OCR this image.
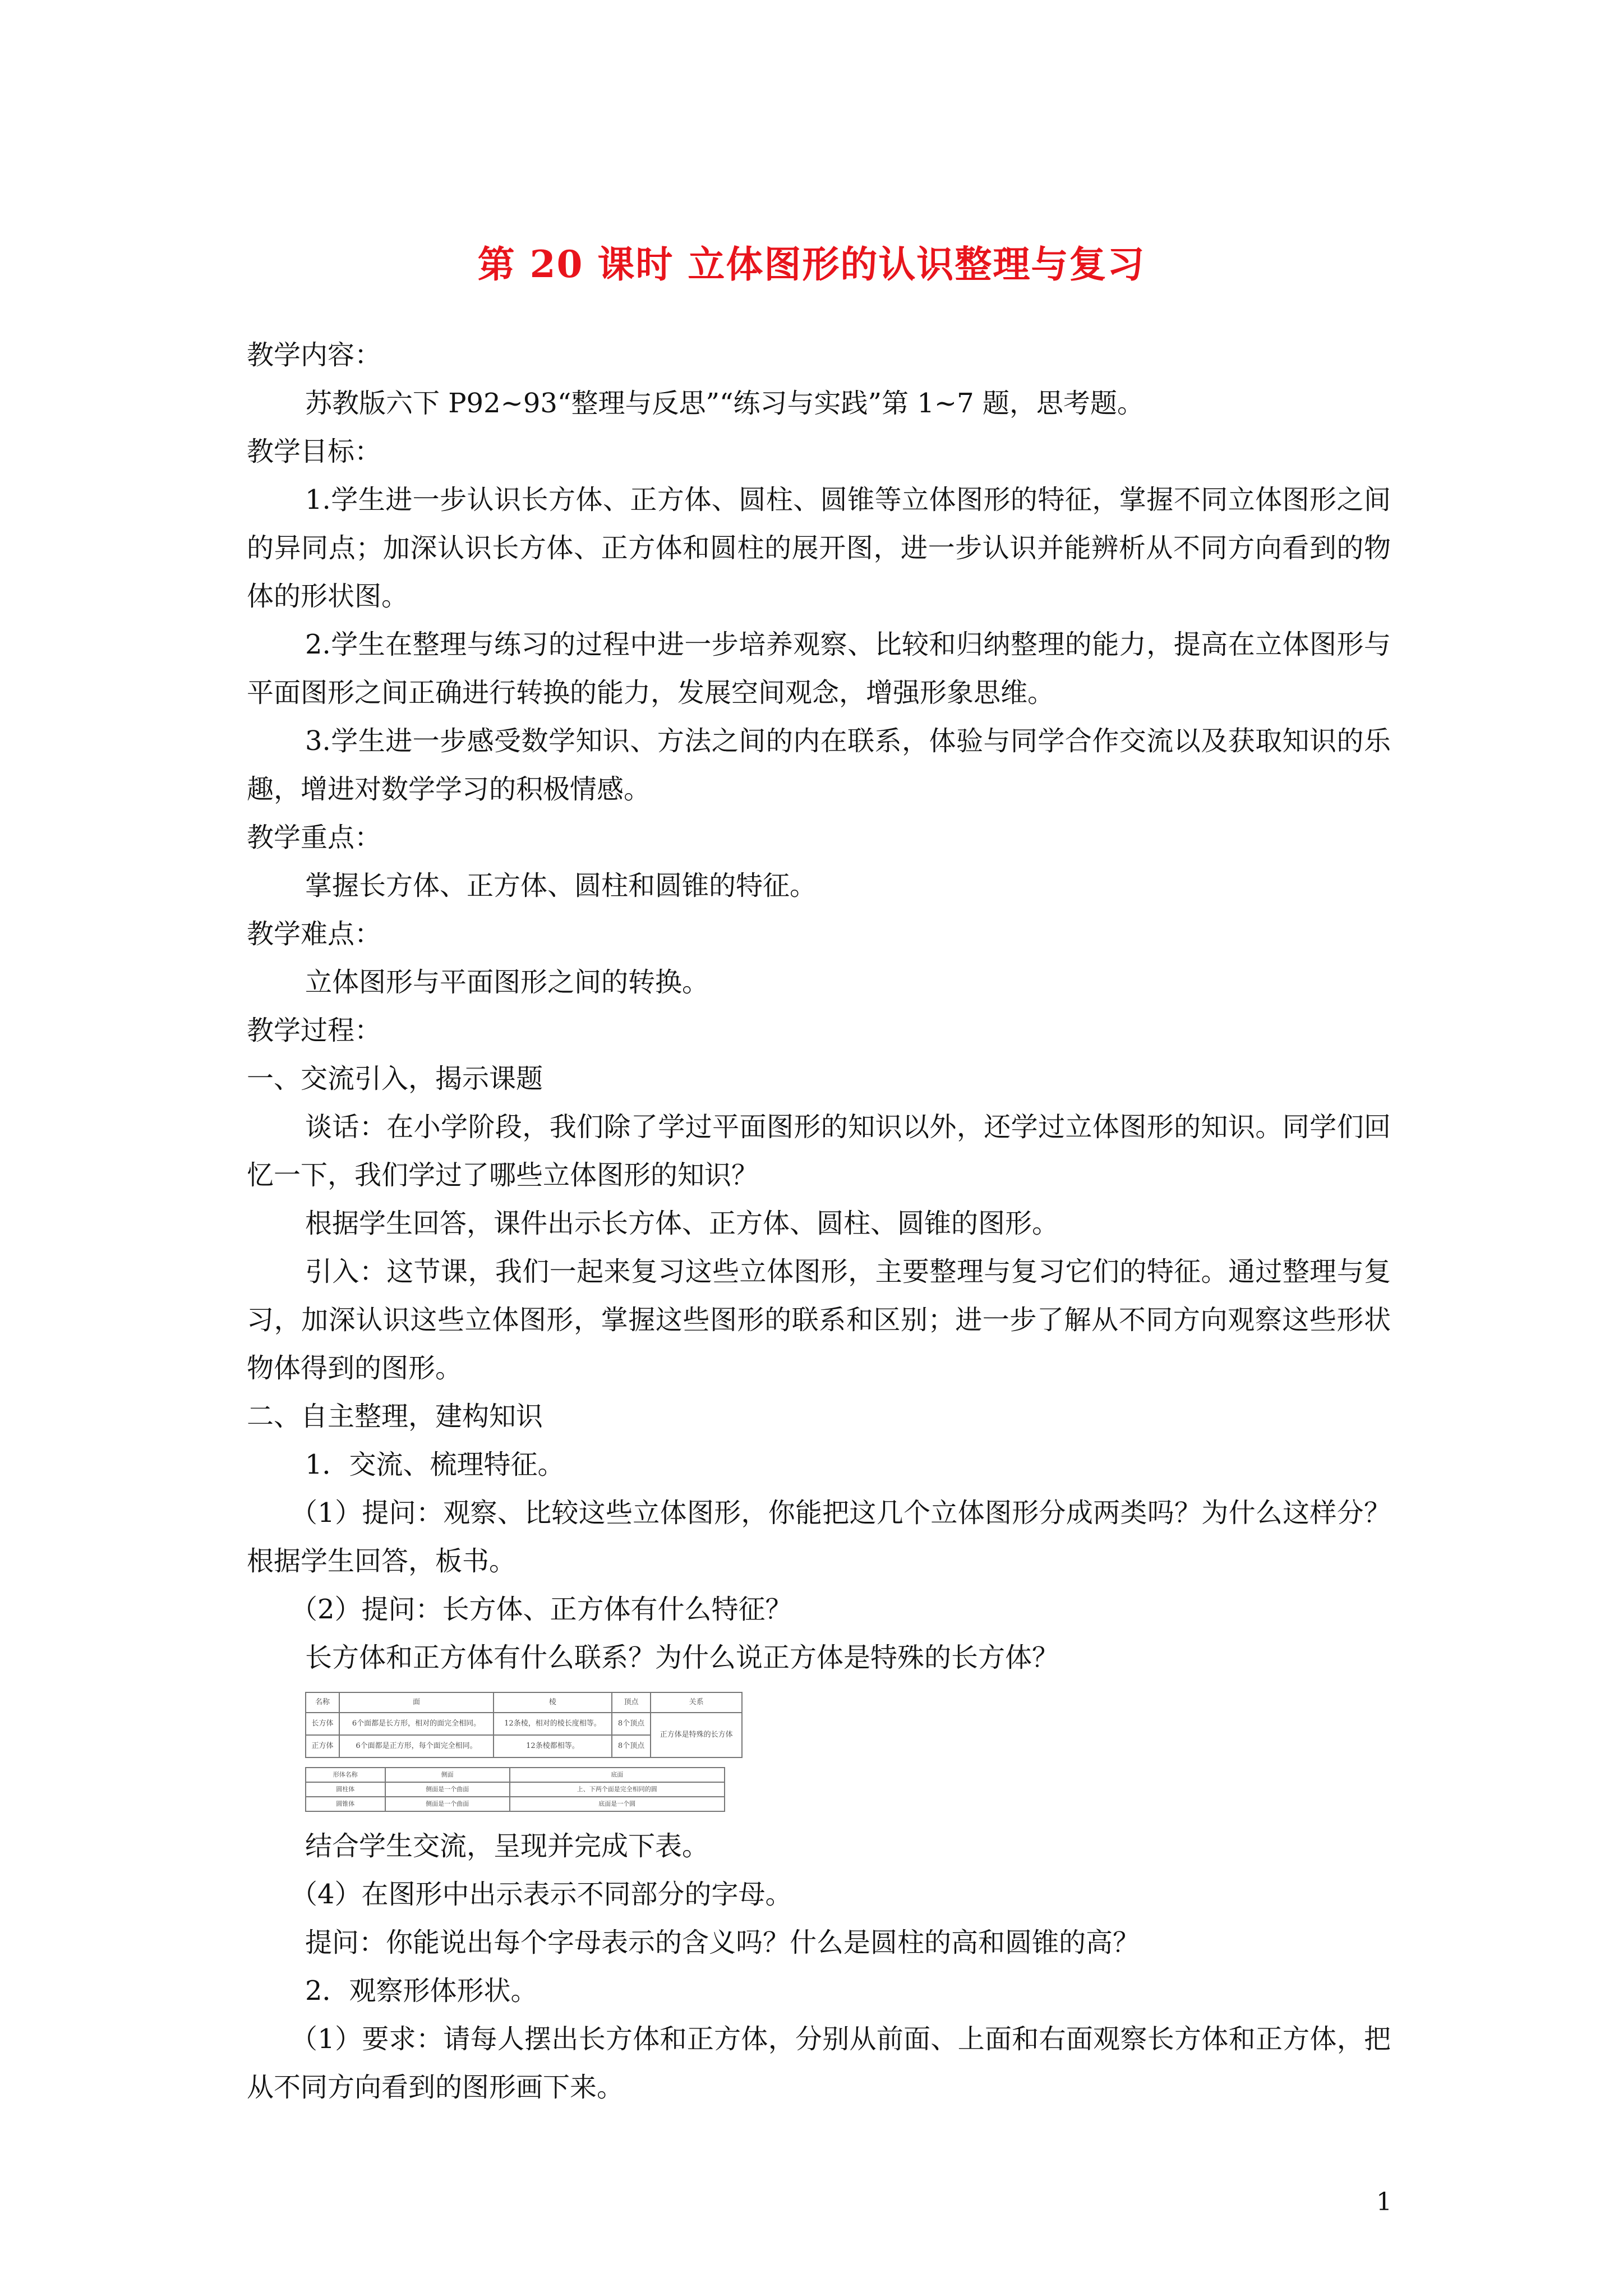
第 20 课时 立体图形的认识整理与复习

教学内容：

苏教版六下 P92~93“整理与反思”“练习与实践”第 1~7 题，思考题。

教学目标：

1.学生进一步认识长方体、正方体、圆柱、圆锥等立体图形的特征，掌握不同立体图形之间的异同点；加深认识长方体、正方体和圆柱的展开图，进一步认识并能辨析从不同方向看到的物体的形状图。

2.学生在整理与练习的过程中进一步培养观察、比较和归纳整理的能力，提高在立体图形与平面图形之间正确进行转换的能力，发展空间观念，增强形象思维。

3.学生进一步感受数学知识、方法之间的内在联系，体验与同学合作交流以及获取知识的乐趣，增进对数学学习的积极情感。

教学重点：

掌握长方体、正方体、圆柱和圆锥的特征。

教学难点：

立体图形与平面图形之间的转换。

教学过程：

一、交流引入，揭示课题

谈话：在小学阶段，我们除了学过平面图形的知识以外，还学过立体图形的知识。同学们回忆一下，我们学过了哪些立体图形的知识？

根据学生回答，课件出示长方体、正方体、圆柱、圆锥的图形。

引入：这节课，我们一起来复习这些立体图形，主要整理与复习它们的特征。通过整理与复习，加深认识这些立体图形，掌握这些图形的联系和区别；进一步了解从不同方向观察这些形状物体得到的图形。

二、自主整理，建构知识

1．交流、梳理特征。

（1）提问：观察、比较这些立体图形，你能把这几个立体图形分成两类吗？为什么这样分？ 根据学生回答，板书。

（2）提问：长方体、正方体有什么特征？

长方体和正方体有什么联系？为什么说正方体是特殊的长方体？

名称	面	棱	顶点	关系
长方体	6个面都是长方形，相对的面完全相同。	12条棱，相对的棱长度相等。	8个顶点	正方体是特殊的长方体
正方体	6个面都是正方形，每个面完全相同。	12条棱都相等。	8个顶点	
形体名称	侧面	底面
圆柱体	侧面是一个曲面	上、下两个面是完全相同的圆
圆锥体	侧面是一个曲面	底面是一个圆

结合学生交流，呈现并完成下表。

（4）在图形中出示表示不同部分的字母。

提问：你能说出每个字母表示的含义吗？什么是圆柱的高和圆锥的高？

2．观察形体形状。

（1）要求：请每人摆出长方体和正方体，分别从前面、上面和右面观察长方体和正方体，把从不同方向看到的图形画下来。

1
